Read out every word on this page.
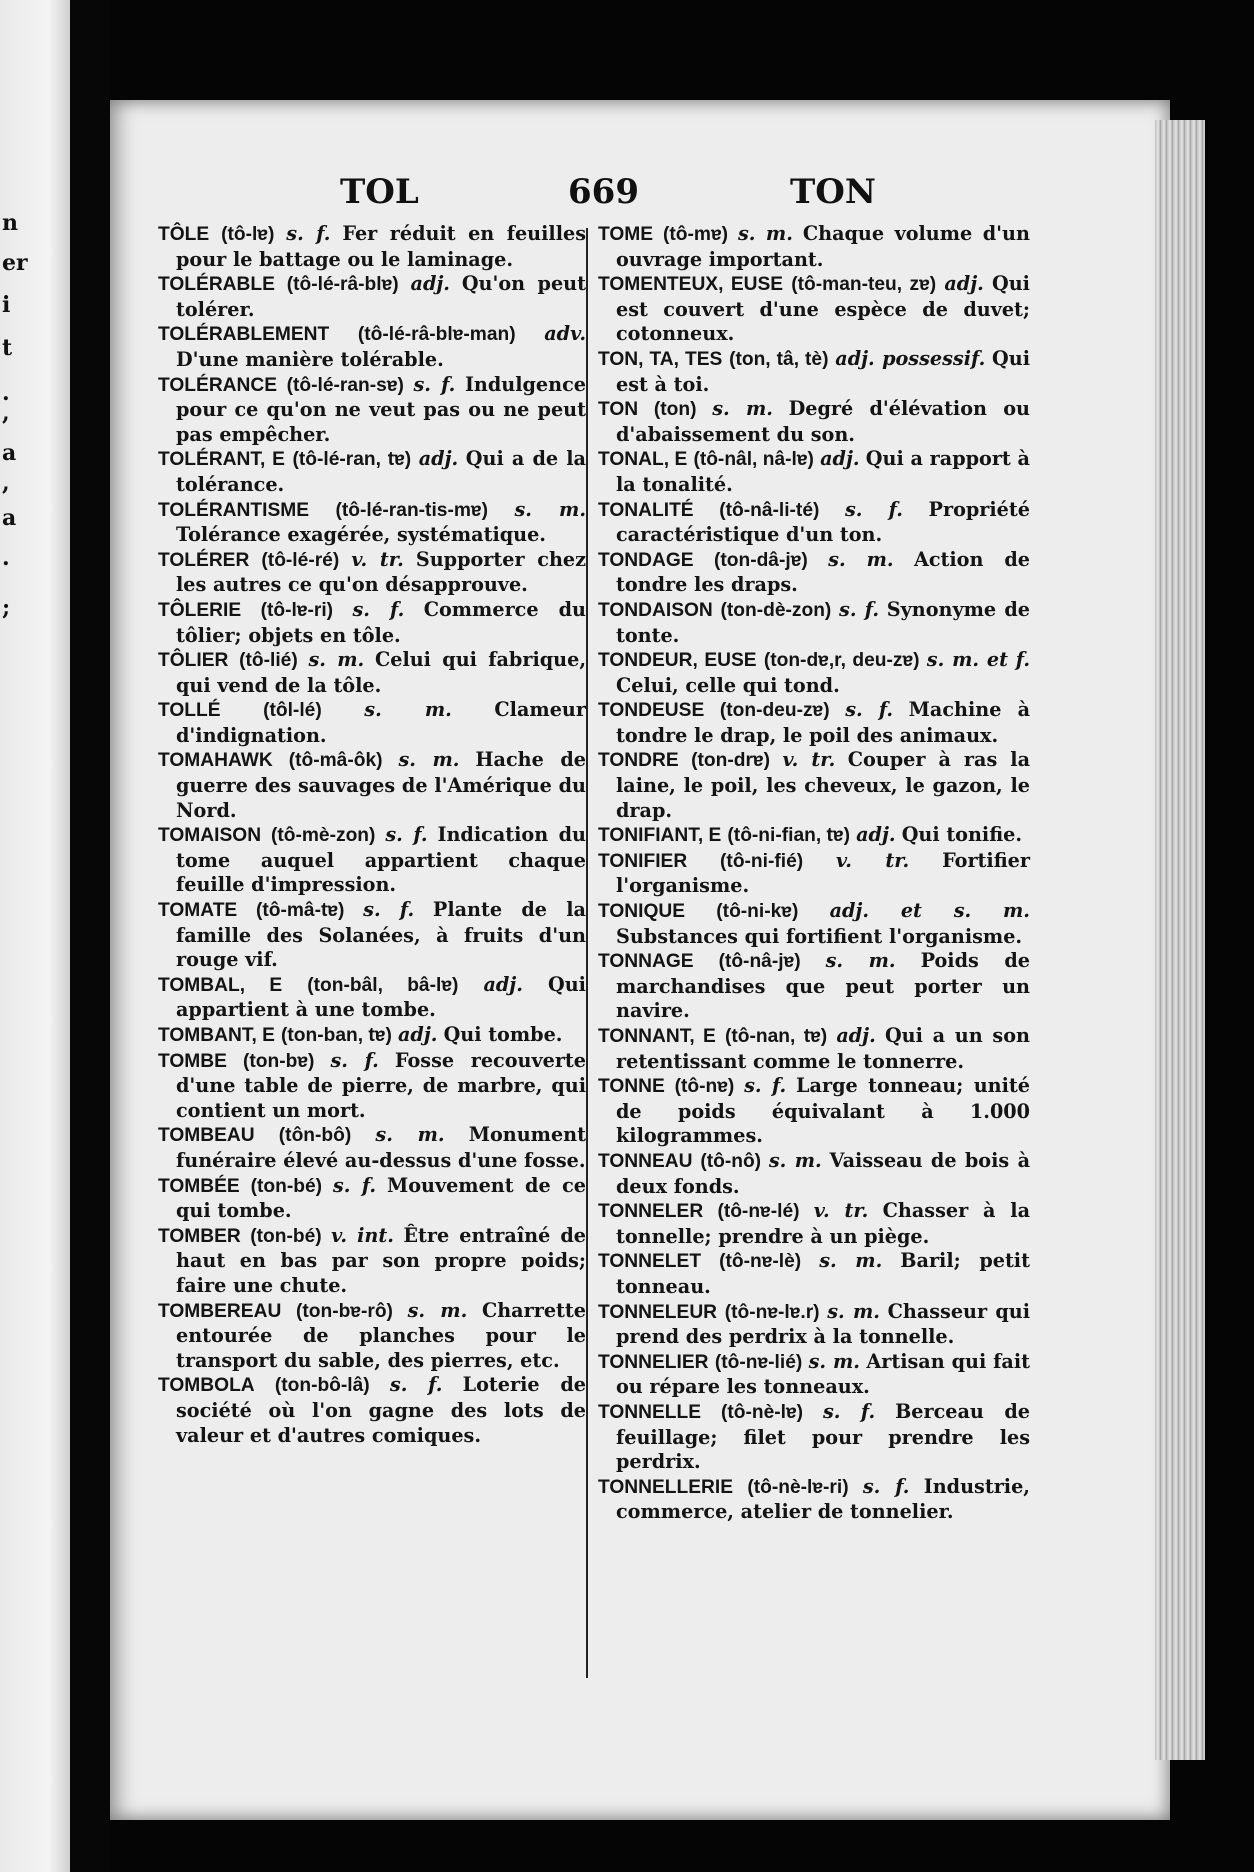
n
er
i
t
.
,
a
,
a
.
;
TOL	669	TON

TÔLE (tô-lɐ) s. f. Fer réduit en feuilles pour le battage ou le laminage.

TOLÉRABLE (tô-lé-râ-blɐ) adj. Qu'on peut tolérer.

TOLÉRABLEMENT (tô-lé-râ-blɐ-man) adv. D'une manière tolérable.

TOLÉRANCE (tô-lé-ran-sɐ) s. f. Indulgence pour ce qu'on ne veut pas ou ne peut pas empêcher.

TOLÉRANT, E (tô-lé-ran, tɐ) adj. Qui a de la tolérance.

TOLÉRANTISME (tô-lé-ran-tis-mɐ) s. m. Tolérance exagérée, systématique.

TOLÉRER (tô-lé-ré) v. tr. Supporter chez les autres ce qu'on désapprouve.

TÔLERIE (tô-lɐ-ri) s. f. Commerce du tôlier; objets en tôle.

TÔLIER (tô-lié) s. m. Celui qui fabrique, qui vend de la tôle.

TOLLÉ (tôl-lé) s. m. Clameur d'indignation.

TOMAHAWK (tô-mâ-ôk) s. m. Hache de guerre des sauvages de l'Amérique du Nord.

TOMAISON (tô-mè-zon) s. f. Indication du tome auquel appartient chaque feuille d'impression.

TOMATE (tô-mâ-tɐ) s. f. Plante de la famille des Solanées, à fruits d'un rouge vif.

TOMBAL, E (ton-bâl, bâ-lɐ) adj. Qui appartient à une tombe.

TOMBANT, E (ton-ban, tɐ) adj. Qui tombe.

TOMBE (ton-bɐ) s. f. Fosse recouverte d'une table de pierre, de marbre, qui contient un mort.

TOMBEAU (tôn-bô) s. m. Monument funéraire élevé au-dessus d'une fosse.

TOMBÉE (ton-bé) s. f. Mouvement de ce qui tombe.

TOMBER (ton-bé) v. int. Être entraîné de haut en bas par son propre poids; faire une chute.

TOMBEREAU (ton-bɐ-rô) s. m. Charrette entourée de planches pour le transport du sable, des pierres, etc.

TOMBOLA (ton-bô-lâ) s. f. Loterie de société où l'on gagne des lots de valeur et d'autres comiques.

TOME (tô-mɐ) s. m. Chaque volume d'un ouvrage important.

TOMENTEUX, EUSE (tô-man-teu, zɐ) adj. Qui est couvert d'une espèce de duvet; cotonneux.

TON, TA, TES (ton, tâ, tè) adj. possessif. Qui est à toi.

TON (ton) s. m. Degré d'élévation ou d'abaissement du son.

TONAL, E (tô-nâl, nâ-lɐ) adj. Qui a rapport à la tonalité.

TONALITÉ (tô-nâ-li-té) s. f. Propriété caractéristique d'un ton.

TONDAGE (ton-dâ-jɐ) s. m. Action de tondre les draps.

TONDAISON (ton-dè-zon) s. f. Synonyme de tonte.

TONDEUR, EUSE (ton-dɐ,r, deu-zɐ) s. m. et f. Celui, celle qui tond.

TONDEUSE (ton-deu-zɐ) s. f. Machine à tondre le drap, le poil des animaux.

TONDRE (ton-drɐ) v. tr. Couper à ras la laine, le poil, les cheveux, le gazon, le drap.

TONIFIANT, E (tô-ni-fian, tɐ) adj. Qui tonifie.

TONIFIER (tô-ni-fié) v. tr. Fortifier l'organisme.

TONIQUE (tô-ni-kɐ) adj. et s. m. Substances qui fortifient l'organisme.

TONNAGE (tô-nâ-jɐ) s. m. Poids de marchandises que peut porter un navire.

TONNANT, E (tô-nan, tɐ) adj. Qui a un son retentissant comme le tonnerre.

TONNE (tô-nɐ) s. f. Large tonneau; unité de poids équivalant à 1.000 kilogrammes.

TONNEAU (tô-nô) s. m. Vaisseau de bois à deux fonds.

TONNELER (tô-nɐ-lé) v. tr. Chasser à la tonnelle; prendre à un piège.

TONNELET (tô-nɐ-lè) s. m. Baril; petit tonneau.

TONNELEUR (tô-nɐ-lɐ.r) s. m. Chasseur qui prend des perdrix à la tonnelle.

TONNELIER (tô-nɐ-lié) s. m. Artisan qui fait ou répare les tonneaux.

TONNELLE (tô-nè-lɐ) s. f. Berceau de feuillage; filet pour prendre les perdrix.

TONNELLERIE (tô-nè-lɐ-ri) s. f. Industrie, commerce, atelier de tonnelier.
